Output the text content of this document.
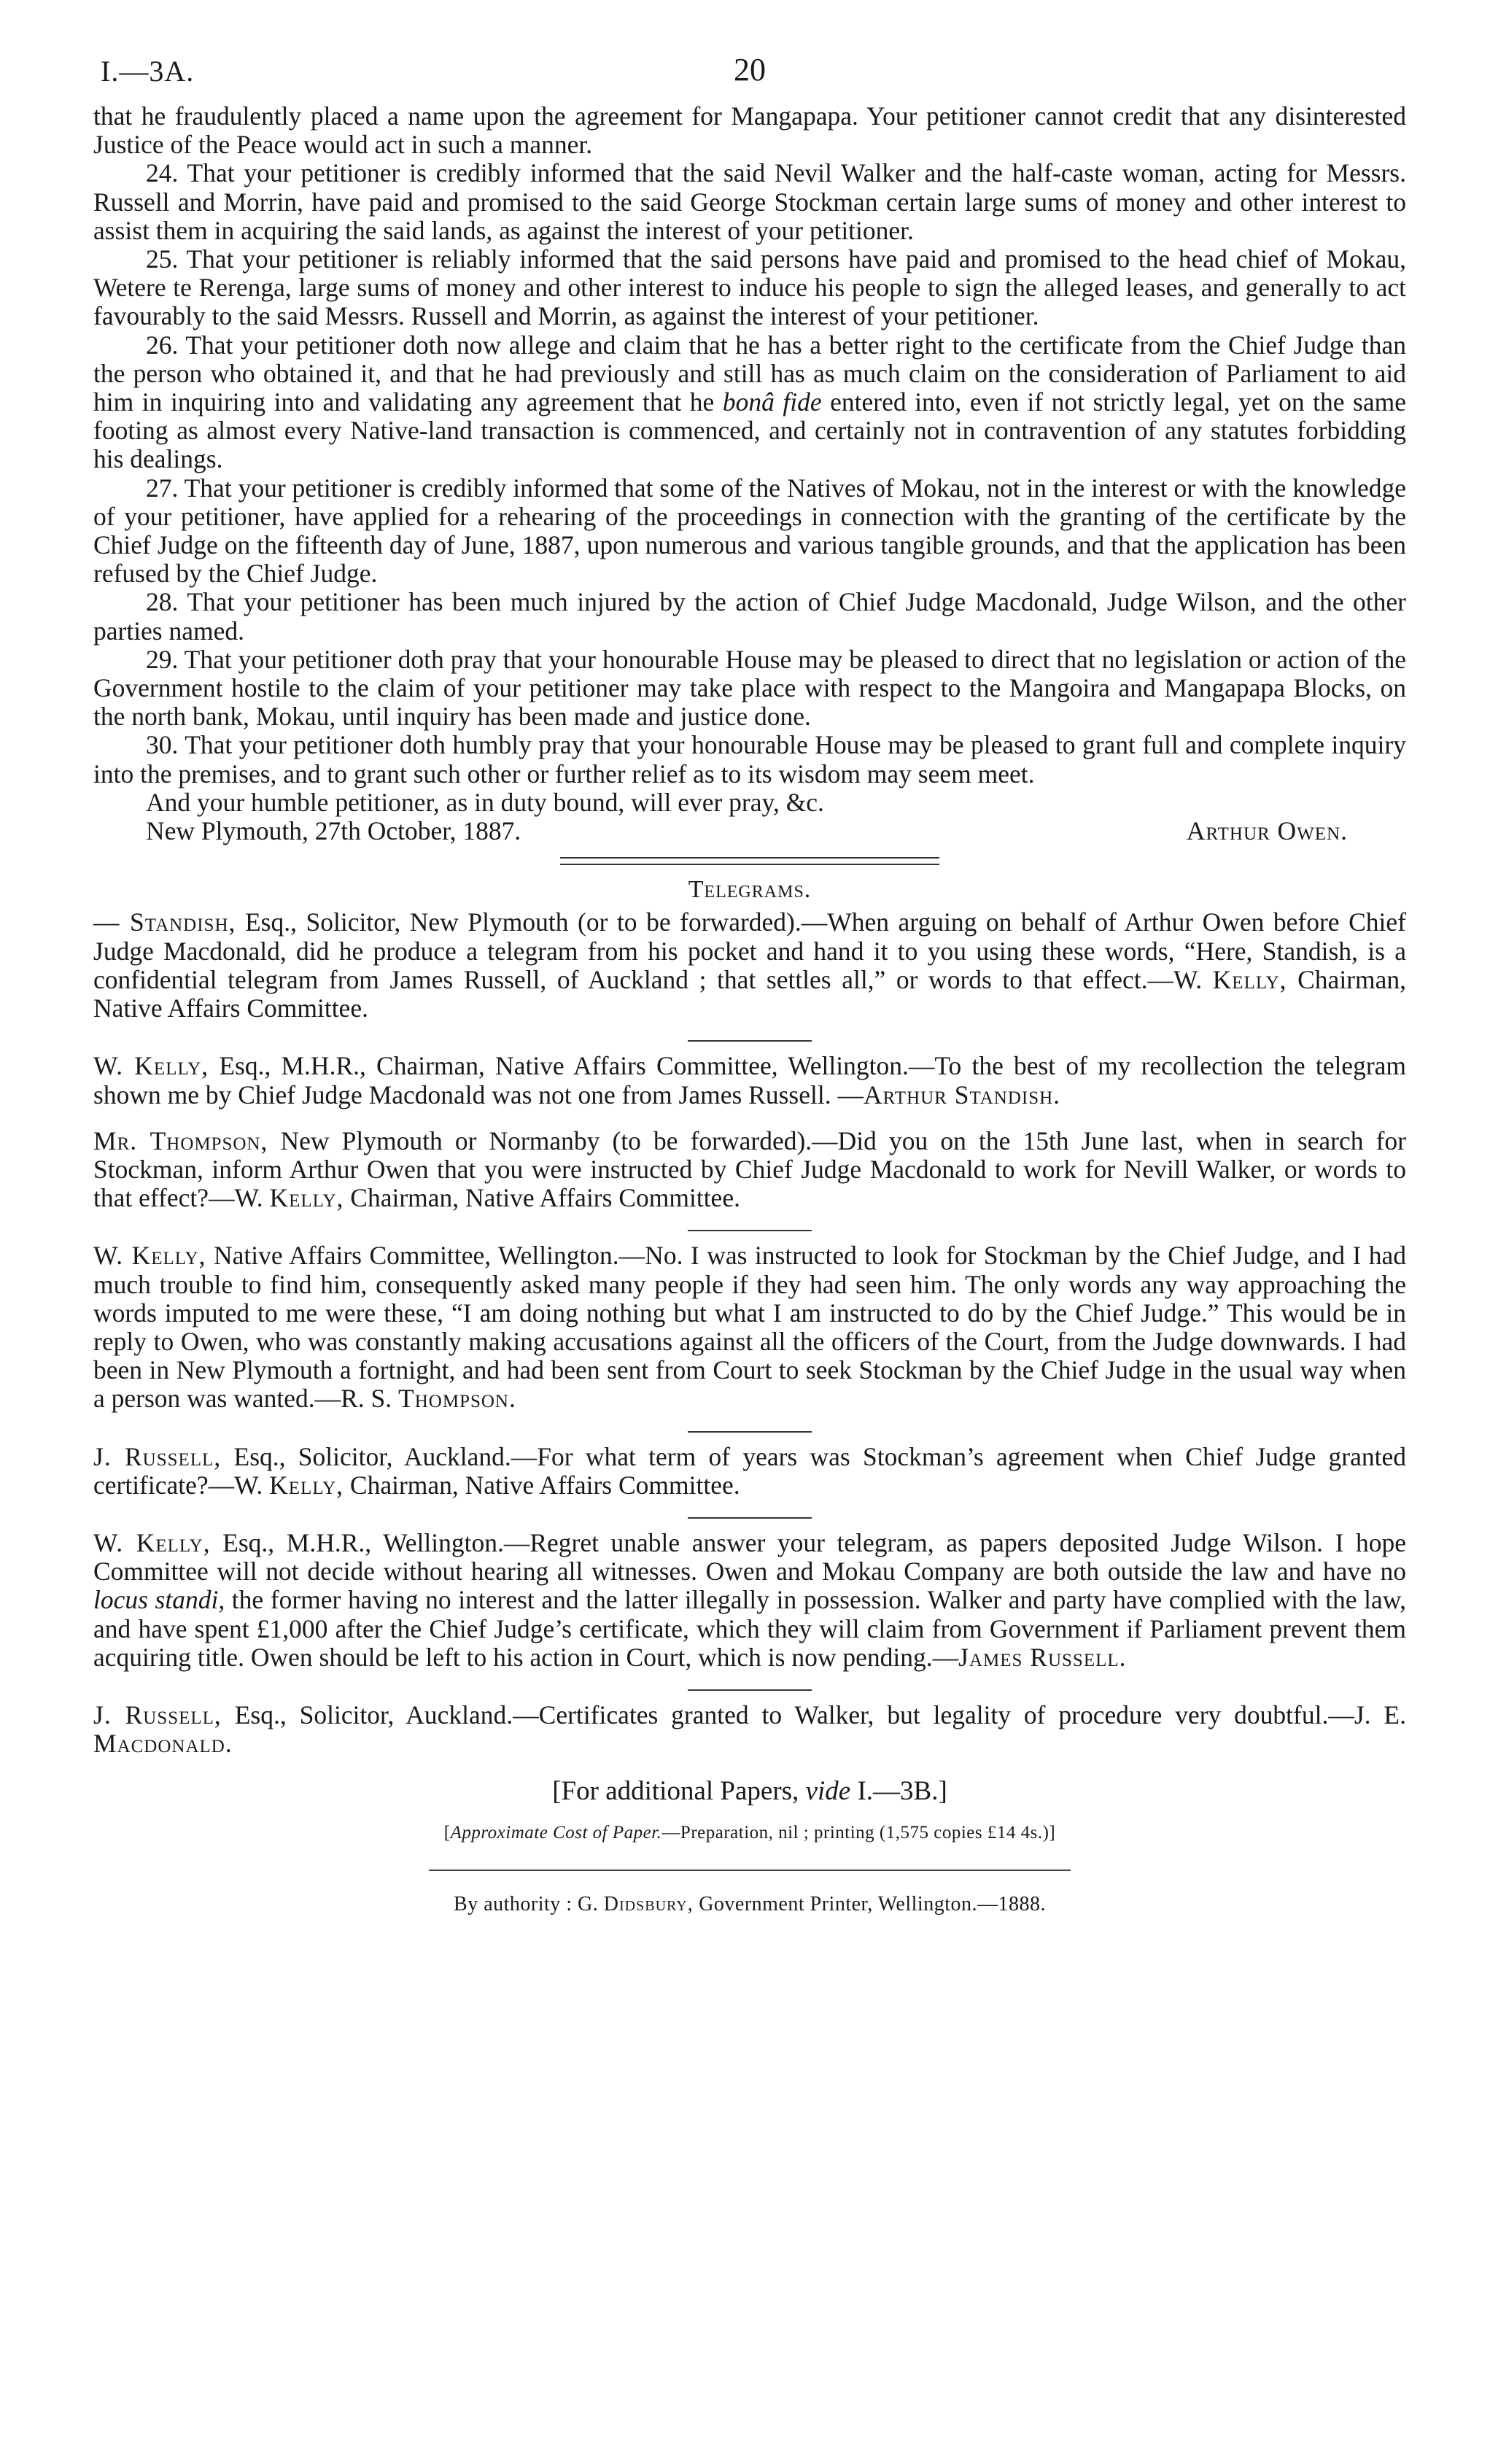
I.—3A.	20

that he fraudulently placed a name upon the agreement for Mangapapa. Your petitioner cannot credit that any disinterested Justice of the Peace would act in such a manner.

24. That your petitioner is credibly informed that the said Nevil Walker and the half-caste woman, acting for Messrs. Russell and Morrin, have paid and promised to the said George Stockman certain large sums of money and other interest to assist them in acquiring the said lands, as against the interest of your petitioner.

25. That your petitioner is reliably informed that the said persons have paid and promised to the head chief of Mokau, Wetere te Rerenga, large sums of money and other interest to induce his people to sign the alleged leases, and generally to act favourably to the said Messrs. Russell and Morrin, as against the interest of your petitioner.

26. That your petitioner doth now allege and claim that he has a better right to the certificate from the Chief Judge than the person who obtained it, and that he had previously and still has as much claim on the consideration of Parliament to aid him in inquiring into and validating any agreement that he bonâ fide entered into, even if not strictly legal, yet on the same footing as almost every Native-land transaction is commenced, and certainly not in contravention of any statutes forbidding his dealings.

27. That your petitioner is credibly informed that some of the Natives of Mokau, not in the interest or with the knowledge of your petitioner, have applied for a rehearing of the proceedings in connection with the granting of the certificate by the Chief Judge on the fifteenth day of June, 1887, upon numerous and various tangible grounds, and that the application has been refused by the Chief Judge.

28. That your petitioner has been much injured by the action of Chief Judge Macdonald, Judge Wilson, and the other parties named.

29. That your petitioner doth pray that your honourable House may be pleased to direct that no legislation or action of the Government hostile to the claim of your petitioner may take place with respect to the Mangoira and Mangapapa Blocks, on the north bank, Mokau, until inquiry has been made and justice done.

30. That your petitioner doth humbly pray that your honourable House may be pleased to grant full and complete inquiry into the premises, and to grant such other or further relief as to its wisdom may seem meet.

And your humble petitioner, as in duty bound, will ever pray, &c.

New Plymouth, 27th October, 1887.	Arthur Owen.
Telegrams.

— Standish, Esq., Solicitor, New Plymouth (or to be forwarded).—When arguing on behalf of Arthur Owen before Chief Judge Macdonald, did he produce a telegram from his pocket and hand it to you using these words, “Here, Standish, is a confidential telegram from James Russell, of Auckland ; that settles all,” or words to that effect.—W. Kelly, Chairman, Native Affairs Committee.

W. Kelly, Esq., M.H.R., Chairman, Native Affairs Committee, Wellington.—To the best of my recollection the telegram shown me by Chief Judge Macdonald was not one from James Russell. —Arthur Standish.

Mr. Thompson, New Plymouth or Normanby (to be forwarded).—Did you on the 15th June last, when in search for Stockman, inform Arthur Owen that you were instructed by Chief Judge Macdonald to work for Nevill Walker, or words to that effect?—W. Kelly, Chairman, Native Affairs Committee.

W. Kelly, Native Affairs Committee, Wellington.—No. I was instructed to look for Stockman by the Chief Judge, and I had much trouble to find him, consequently asked many people if they had seen him. The only words any way approaching the words imputed to me were these, “I am doing nothing but what I am instructed to do by the Chief Judge.” This would be in reply to Owen, who was constantly making accusations against all the officers of the Court, from the Judge downwards. I had been in New Plymouth a fortnight, and had been sent from Court to seek Stockman by the Chief Judge in the usual way when a person was wanted.—R. S. Thompson.

J. Russell, Esq., Solicitor, Auckland.—For what term of years was Stockman’s agreement when Chief Judge granted certificate?—W. Kelly, Chairman, Native Affairs Committee.

W. Kelly, Esq., M.H.R., Wellington.—Regret unable answer your telegram, as papers deposited Judge Wilson. I hope Committee will not decide without hearing all witnesses. Owen and Mokau Company are both outside the law and have no locus standi, the former having no interest and the latter illegally in possession. Walker and party have complied with the law, and have spent £1,000 after the Chief Judge’s certificate, which they will claim from Government if Parliament prevent them acquiring title. Owen should be left to his action in Court, which is now pending.—James Russell.

J. Russell, Esq., Solicitor, Auckland.—Certificates granted to Walker, but legality of procedure very doubtful.—J. E. Macdonald.

[For additional Papers, vide I.—3B.]
[Approximate Cost of Paper.—Preparation, nil ; printing (1,575 copies £14 4s.)]
By authority : G. Didsbury, Government Printer, Wellington.—1888.
